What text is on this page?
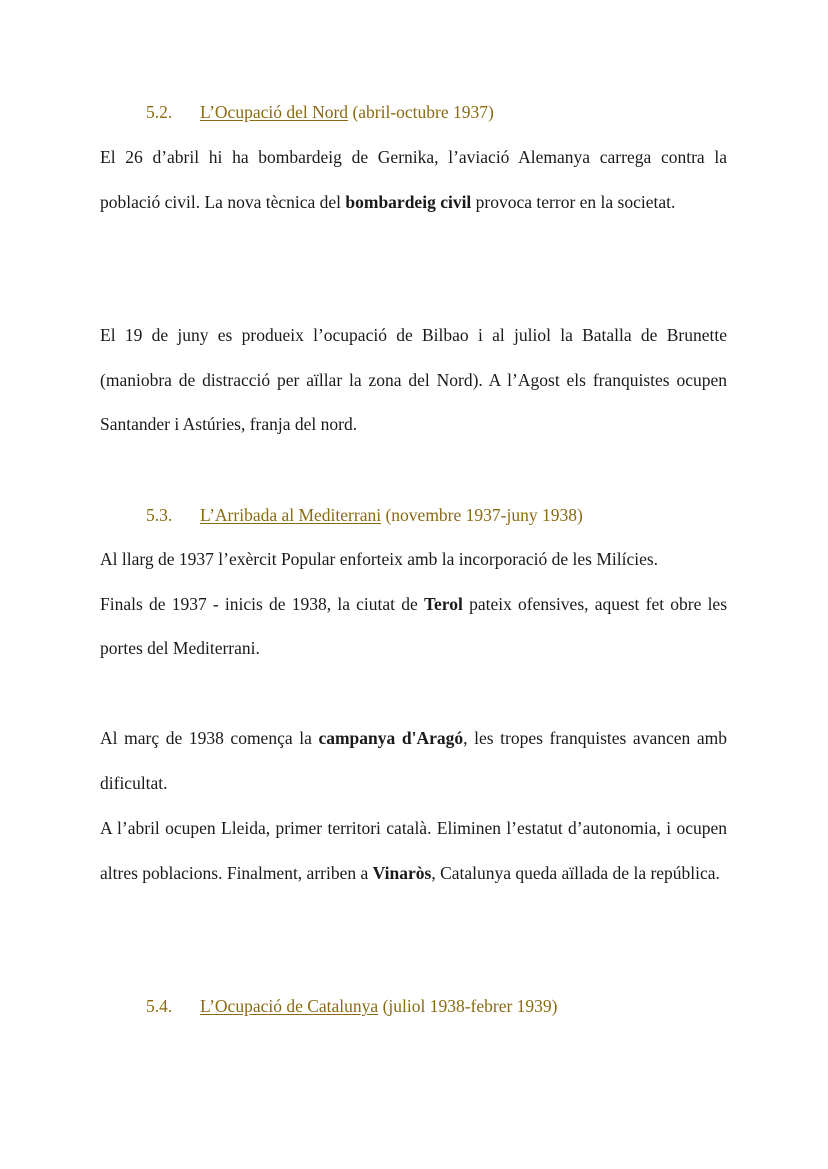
5.2. L’Ocupació del Nord (abril-octubre 1937)
El 26 d’abril hi ha bombardeig de Gernika, l’aviació Alemanya carrega contra la població civil. La nova tècnica del bombardeig civil provoca terror en la societat.
El 19 de juny es produeix l’ocupació de Bilbao i al juliol la Batalla de Brunette (maniobra de distracció per aïllar la zona del Nord). A l’Agost els franquistes ocupen Santander i Astúries, franja del nord.
5.3. L’Arribada al Mediterrani (novembre 1937-juny 1938)
Al llarg de 1937 l’exèrcit Popular enforteix amb la incorporació de les Milícies.
Finals de 1937 - inicis de 1938, la ciutat de Terol pateix ofensives, aquest fet obre les portes del Mediterrani.
Al març de 1938 comença la campanya d'Aragó, les tropes franquistes avancen amb dificultat.
A l’abril ocupen Lleida, primer territori català. Eliminen l’estatut d’autonomia, i ocupen altres poblacions. Finalment, arriben a Vinaròs, Catalunya queda aïllada de la república.
5.4. L’Ocupació de Catalunya (juliol 1938-febrer 1939)
